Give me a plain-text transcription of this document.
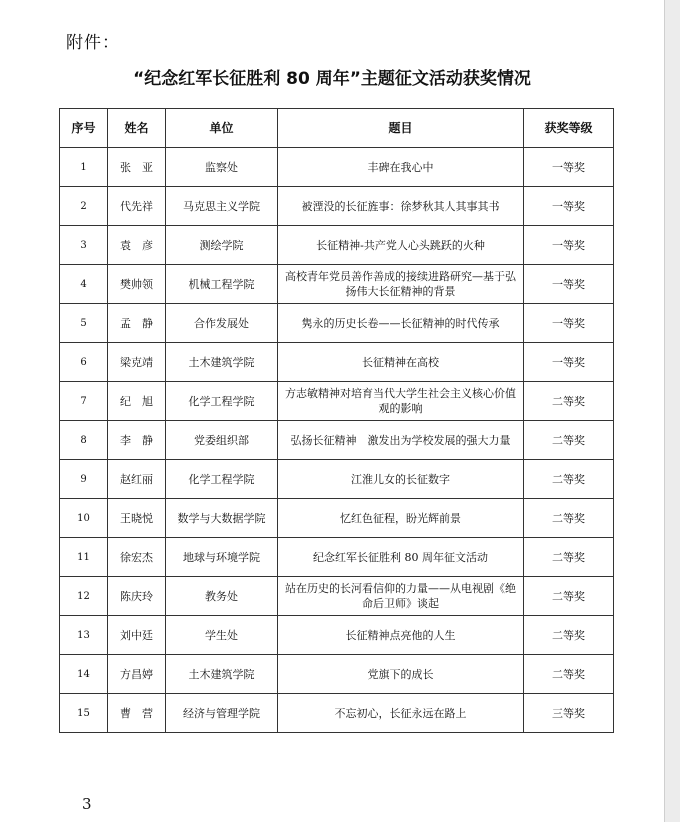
附件：
“纪念红军长征胜利 80 周年”主题征文活动获奖情况
序号	姓名	单位	题目	获奖等级
1	张　亚	监察处	丰碑在我心中	一等奖
2	代先祥	马克思主义学院	被湮没的长征旌事：徐梦秋其人其事其书	一等奖
3	袁　彦	测绘学院	长征精神-共产党人心头跳跃的火种	一等奖
4	樊帅领	机械工程学院	高校青年党员善作善成的接续进路研究—基于弘扬伟大长征精神的背景	一等奖
5	孟　静	合作发展处	隽永的历史长卷——长征精神的时代传承	一等奖
6	梁克靖	土木建筑学院	长征精神在高校	一等奖
7	纪　旭	化学工程学院	方志敏精神对培育当代大学生社会主义核心价值观的影响	二等奖
8	李　静	党委组织部	弘扬长征精神　激发出为学校发展的强大力量	二等奖
9	赵红丽	化学工程学院	江淮儿女的长征数字	二等奖
10	王晓悦	数学与大数据学院	忆红色征程，盼光辉前景	二等奖
11	徐宏杰	地球与环境学院	纪念红军长征胜利 80 周年征文活动	二等奖
12	陈庆玲	教务处	站在历史的长河看信仰的力量——从电视剧《绝命后卫师》谈起	二等奖
13	刘中廷	学生处	长征精神点亮他的人生	二等奖
14	方昌婷	土木建筑学院	党旗下的成长	二等奖
15	曹　营	经济与管理学院	不忘初心，长征永远在路上	三等奖
3
